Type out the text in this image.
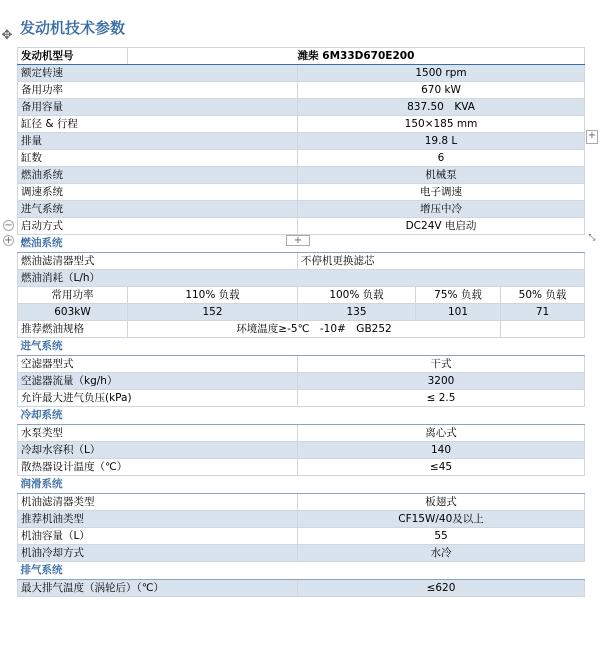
发动机技术参数
✥
发动机型号	潍柴 6M33D670E200			
额定转速		1500 rpm		
备用功率		670 kW		
备用容量		837.50　KVA		
缸径 & 行程		150×185 mm		
排量		19.8 L		
缸数		6		
燃油系统		机械泵		
调速系统		电子调速		
进气系统		增压中冷		
启动方式		DC24V 电启动		
燃油系统				
燃油滤清器型式		不停机更换滤芯		
燃油消耗（L/h）				
常用功率	110% 负载	100% 负载	75% 负载	50% 负载
603kW	152	135	101	71
推荐燃油规格	环境温度≥-5℃　-10#　GB252			
进气系统				
空滤器型式		干式		
空滤器流量（kg/h）		3200		
允许最大进气负压(kPa)		≤ 2.5		
冷却系统				
水泵类型		离心式		
冷却水容积（L）		140		
散热器设计温度（℃）		≤45		
润滑系统				
机油滤清器类型		板翅式		
推荐机油类型		CF15W/40及以上		
机油容量（L）		55		
机油冷却方式		水冷		
排气系统				
最大排气温度（涡轮后）（℃）		≤620		
+
−
+	+	⤡
